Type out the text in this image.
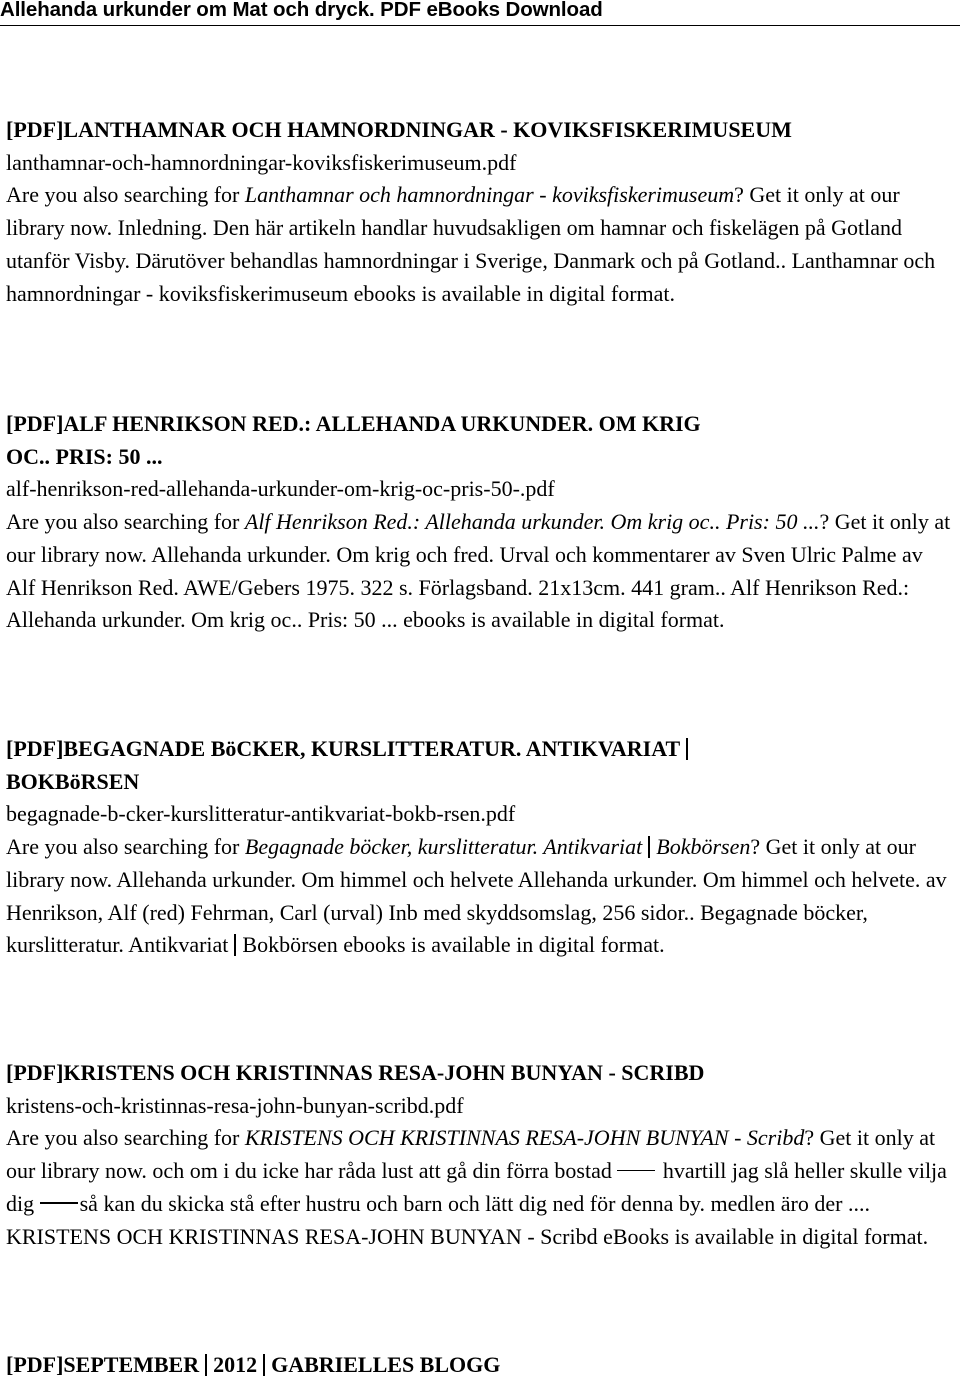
Allehanda urkunder om Mat och dryck. PDF eBooks Download
[PDF]LANTHAMNAR OCH HAMNORDNINGAR - KOVIKSFISKERIMUSEUM
lanthamnar-och-hamnordningar-koviksfiskerimuseum.pdf
Are you also searching for Lanthamnar och hamnordningar - koviksfiskerimuseum? Get it only at our library now. Inledning. Den här artikeln handlar huvudsakligen om hamnar och fiskelägen på Gotland utanför Visby. Därutöver behandlas hamnordningar i Sverige, Danmark och på Gotland.. Lanthamnar och hamnordningar - koviksfiskerimuseum ebooks is available in digital format.
[PDF]ALF HENRIKSON RED.: ALLEHANDA URKUNDER. OM KRIG OC.. PRIS: 50 ...
alf-henrikson-red-allehanda-urkunder-om-krig-oc-pris-50-.pdf
Are you also searching for Alf Henrikson Red.: Allehanda urkunder. Om krig oc.. Pris: 50 ...? Get it only at our library now. Allehanda urkunder. Om krig och fred. Urval och kommentarer av Sven Ulric Palme av Alf Henrikson Red. AWE/Gebers 1975. 322 s. Förlagsband. 21x13cm. 441 gram.. Alf Henrikson Red.: Allehanda urkunder. Om krig oc.. Pris: 50 ... ebooks is available in digital format.
[PDF]BEGAGNADE BöCKER, KURSLITTERATUR. ANTIKVARIAT
BOKBöRSEN
begagnade-b-cker-kurslitteratur-antikvariat-bokb-rsen.pdf
Are you also searching for Begagnade böcker, kurslitteratur. Antikvariat Bokbörsen? Get it only at our library now. Allehanda urkunder. Om himmel och helvete Allehanda urkunder. Om himmel och helvete. av Henrikson, Alf (red) Fehrman, Carl (urval) Inb med skyddsomslag, 256 sidor.. Begagnade böcker, kurslitteratur. Antikvariat Bokbörsen ebooks is available in digital format.
[PDF]KRISTENS OCH KRISTINNAS RESA-JOHN BUNYAN - SCRIBD
kristens-och-kristinnas-resa-john-bunyan-scribd.pdf
Are you also searching for KRISTENS OCH KRISTINNAS RESA-JOHN BUNYAN - Scribd? Get it only at our library now. och om i du icke har råda lust att gå din förra bostad hvartill jag slå heller skulle vilja dig så kan du skicka stå efter hustru och barn och lätt dig ned för denna by. medlen äro der .... KRISTENS OCH KRISTINNAS RESA-JOHN BUNYAN - Scribd eBooks is available in digital format.
[PDF]SEPTEMBER 2012 GABRIELLES BLOGG
